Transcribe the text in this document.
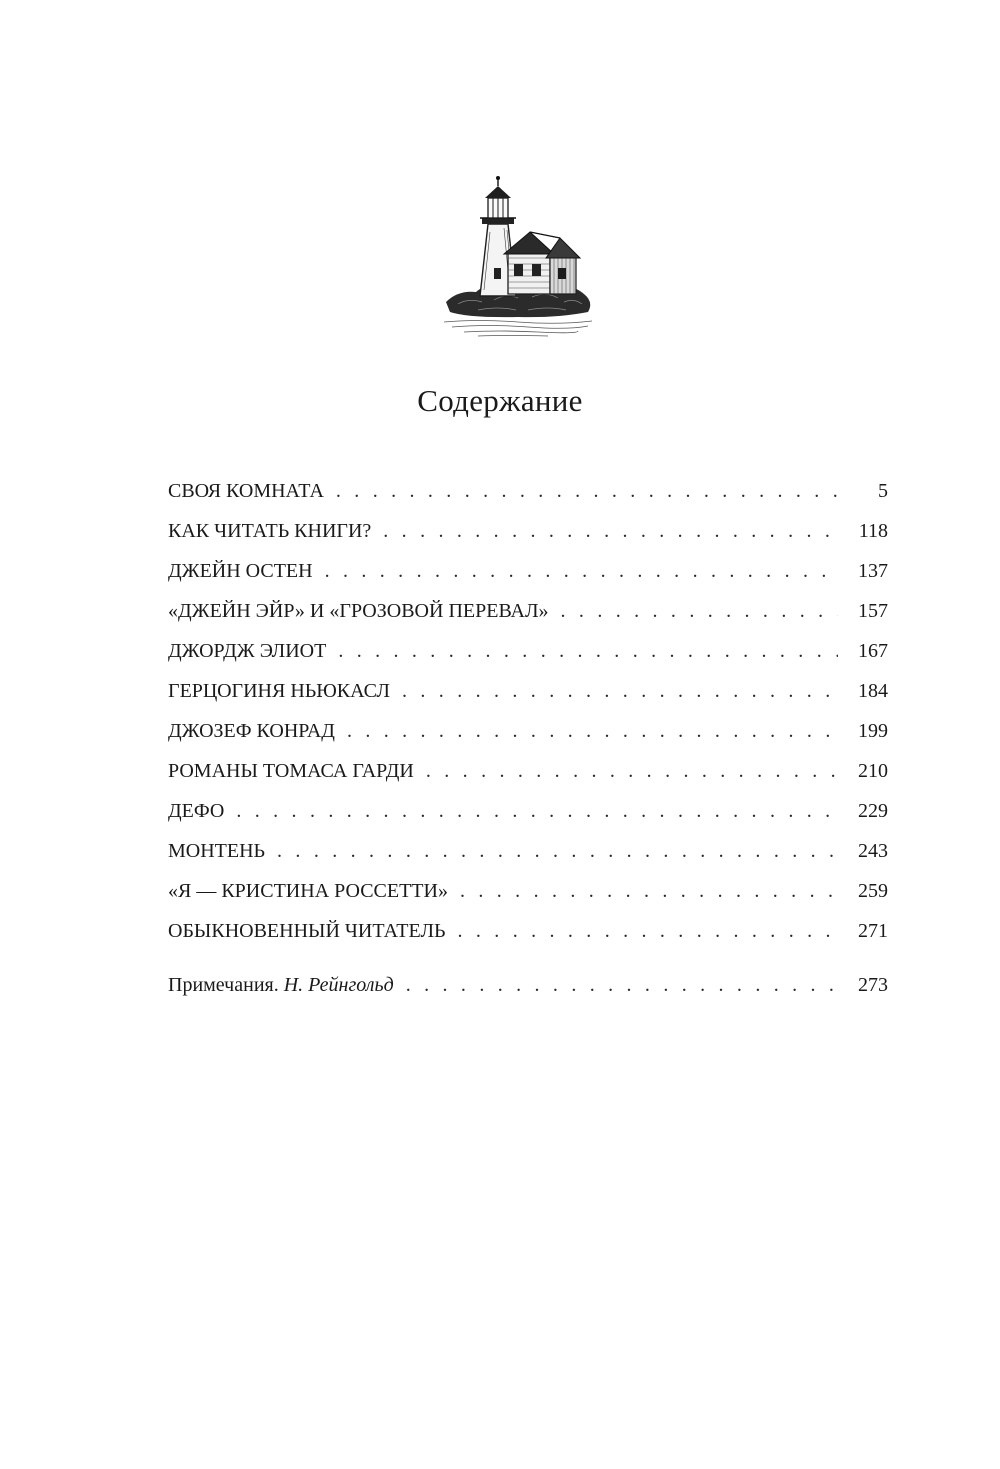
Содержание
СВОЯ КОМНАТА . . .	5
КАК ЧИТАТЬ КНИГИ? . . .	118
ДЖЕЙН ОСТЕН . . .	137
«ДЖЕЙН ЭЙР» И «ГРОЗОВОЙ ПЕРЕВАЛ» . . .	157
ДЖОРДЖ ЭЛИОТ . . .	167
ГЕРЦОГИНЯ НЬЮКАСЛ . . .	184
ДЖОЗЕФ КОНРАД . . .	199
РОМАНЫ ТОМАСА ГАРДИ . . .	210
ДЕФО . . .	229
МОНТЕНЬ . . .	243
«Я — КРИСТИНА РОССЕТТИ» . . .	259
ОБЫКНОВЕННЫЙ ЧИТАТЕЛЬ . . .	271
Примечания. Н. Рейнгольд . . .	273
